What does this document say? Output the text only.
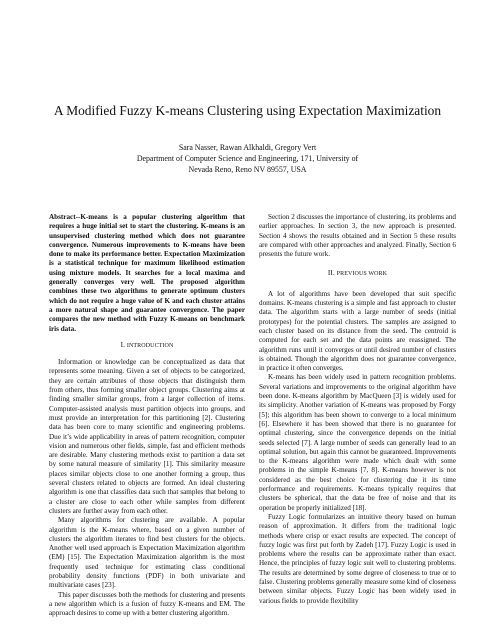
A Modified Fuzzy K-means Clustering using Expectation Maximization
Sara Nasser, Rawan Alkhaldi, Gregory Vert
Department of Computer Science and Engineering, 171, University of
Nevada Reno, Reno NV 89557, USA

Abstract--K-means is a popular clustering algorithm that requires a huge initial set to start the clustering. K-means is an unsupervised clustering method which does not guarantee convergence. Numerous improvements to K-means have been done to make its performance better. Expectation Maximization is a statistical technique for maximum likelihood estimation using mixture models. It searches for a local maxima and generally converges very well. The proposed algorithm combines these two algorithms to generate optimum clusters which do not require a huge value of K and each cluster attains a more natural shape and guarantee convergence. The paper compares the new method with Fuzzy K-means on benchmark iris data.

I. INTRODUCTION

Information or knowledge can be conceptualized as data that represents some meaning. Given a set of objects to be categorized, they are certain attributes of those objects that distinguish them from others, thus forming smaller object groups. Clustering aims at finding smaller similar groups, from a larger collection of items. Computer-assisted analysis must partition objects into groups, and must provide an interpretation for this partitioning [2]. Clustering data has been core to many scientific and engineering problems. Due it’s wide applicability in areas of pattern recognition, computer vision and numerous other fields, simple, fast and efficient methods are desirable. Many clustering methods exist to partition a data set by some natural measure of similarity [1]. This similarity measure places similar objects close to one another forming a group, thus several clusters related to objects are formed. An ideal clustering algorithm is one that classifies data such that samples that belong to a cluster are close to each other while samples from different clusters are further away from each other.

Many algorithms for clustering are available. A popular algorithm is the K-means where, based on a given number of clusters the algorithm iterates to find best clusters for the objects. Another well used approach is Expectation Maximization algorithm (EM) [15]. The Expectation Maximization algorithm is the most frequently used technique for estimating class conditional probability density functions (PDF) in both univariate and multivariate cases [23].

This paper discusses both the methods for clustering and presents a new algorithm which is a fusion of fuzzy K-means and EM. The approach desires to come up with a better clustering algorithm.

Section 2 discusses the importance of clustering, its problems and earlier approaches. In section 3, the new approach is presented. Section 4 shows the results obtained and in Section 5 these results are compared with other approaches and analyzed. Finally, Section 6 presents the future work.

II. PREVIOUS WORK

A lot of algorithms have been developed that suit specific domains. K-means clustering is a simple and fast approach to cluster data. The algorithm starts with a large number of seeds (initial prototypes) for the potential clusters. The samples are assigned to each cluster based on its distance from the seed. The centroid is computed for each set and the data points are reassigned. The algorithm runs until it converges or until desired number of clusters is obtained. Though the algorithm does not guarantee convergence, in practice it often converges.

K-means has been widely used in pattern recognition problems. Several variations and improvements to the original algorithm have been done. K-means algorithm by MacQueen [3] is widely used for its simplicity. Another variation of K-means was proposed by Forgy [5]; this algorithm has been shown to converge to a local minimum [6]. Elsewhere it has been showed that there is no guarantee for optimal clustering, since the convergence depends on the initial seeds selected [7]. A large number of seeds can generally lead to an optimal solution, but again this cannot be guaranteed. Improvements to the K-means algorithm were made which dealt with some problems in the simple K-means [7, 8]. K-means however is not considered as the best choice for clustering due it its time performance and requirements. K-means typically requires that clusters be spherical, that the data be free of noise and that its operation be properly initialized [18].

Fuzzy Logic formularizes an intuitive theory based on human reason of approximation. It differs from the traditional logic methods where crisp or exact results are expected. The concept of fuzzy logic was first put forth by Zadeh [17]. Fuzzy Logic is used in problems where the results can be approximate rather than exact. Hence, the principles of fuzzy logic suit well to clustering problems. The results are determined by some degree of closeness to true or to false. Clustering problems generally measure some kind of closeness between similar objects. Fuzzy Logic has been widely used in various fields to provide flexibility
